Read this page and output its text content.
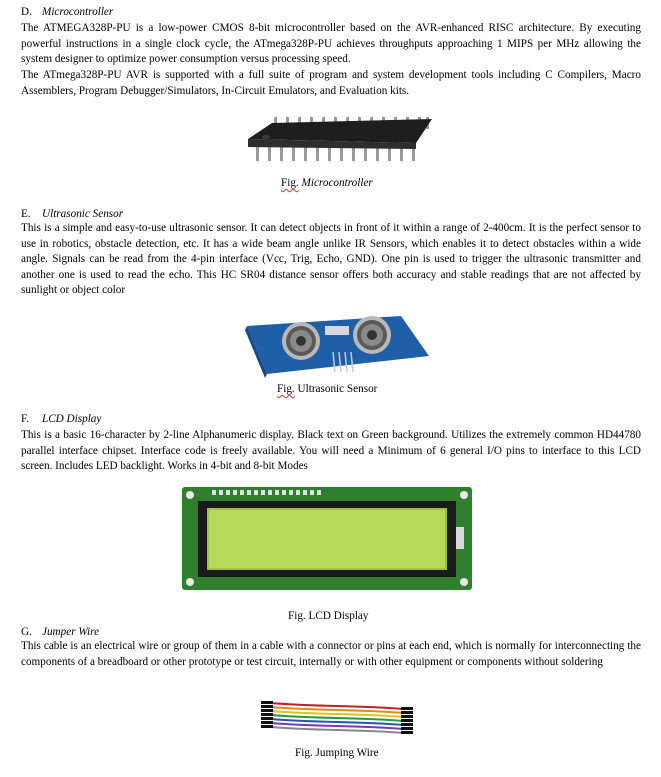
D. Microcontroller
The ATMEGA328P-PU is a low-power CMOS 8-bit microcontroller based on the AVR-enhanced RISC architecture. By executing powerful instructions in a single clock cycle, the ATmega328P-PU achieves throughputs approaching 1 MIPS per MHz allowing the system designer to optimize power consumption versus processing speed.
The ATmega328P-PU AVR is supported with a full suite of program and system development tools including C Compilers, Macro Assemblers, Program Debugger/Simulators, In-Circuit Emulators, and Evaluation kits.
Fig. Microcontroller
E. Ultrasonic Sensor
This is a simple and easy-to-use ultrasonic sensor. It can detect objects in front of it within a range of 2-400cm. It is the perfect sensor to use in robotics, obstacle detection, etc. It has a wide beam angle unlike IR Sensors, which enables it to detect obstacles within a wide angle. Signals can be read from the 4-pin interface (Vcc, Trig, Echo, GND). One pin is used to trigger the ultrasonic transmitter and another one is used to read the echo. This HC SR04 distance sensor offers both accuracy and stable readings that are not affected by sunlight or object color
Fig. Ultrasonic Sensor
F. LCD Display
This is a basic 16-character by 2-line Alphanumeric display. Black text on Green background. Utilizes the extremely common HD44780 parallel interface chipset. Interface code is freely available. You will need a Minimum of 6 general I/O pins to interface to this LCD screen. Includes LED backlight. Works in 4-bit and 8-bit Modes
Fig. LCD Display
G. Jumper Wire
This cable is an electrical wire or group of them in a cable with a connector or pins at each end, which is normally for interconnecting the components of a breadboard or other prototype or test circuit, internally or with other equipment or components without soldering
Fig. Jumping Wire
